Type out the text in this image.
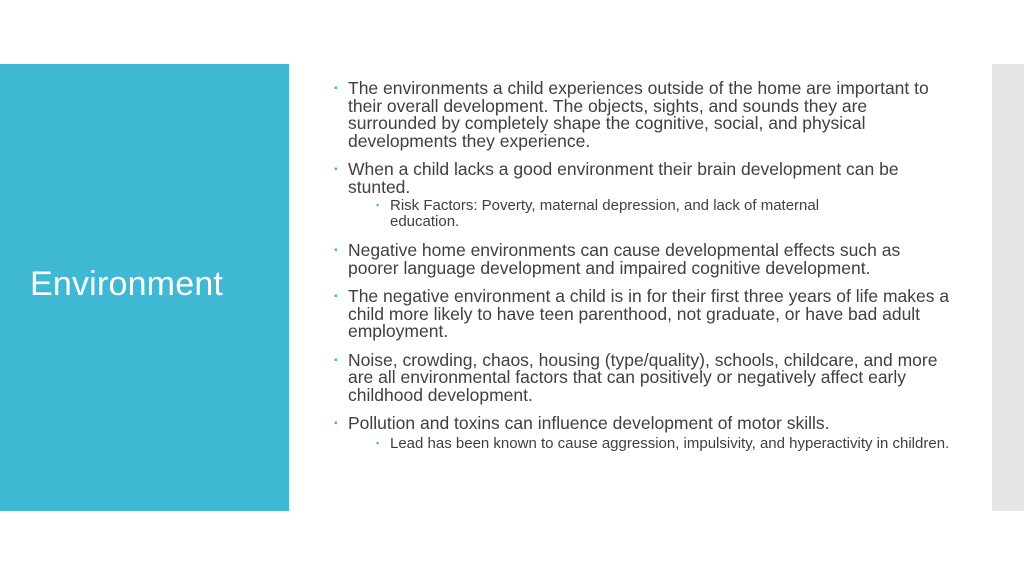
Environment
▪ The environments a child experiences outside of the home are important to their overall development. The objects, sights, and sounds they are surrounded by completely shape the cognitive, social, and physical developments they experience.
▪ When a child lacks a good environment their brain development can be stunted.
▪ Risk Factors: Poverty, maternal depression, and lack of maternal education.
▪ Negative home environments can cause developmental effects such as poorer language development and impaired cognitive development.
▪ The negative environment a child is in for their first three years of life makes a child more likely to have teen parenthood, not graduate, or have bad adult employment.
▪ Noise, crowding, chaos, housing (type/quality), schools, childcare, and more are all environmental factors that can positively or negatively affect early childhood development.
▪ Pollution and toxins can influence development of motor skills.
▪ Lead has been known to cause aggression, impulsivity, and hyperactivity in children.
